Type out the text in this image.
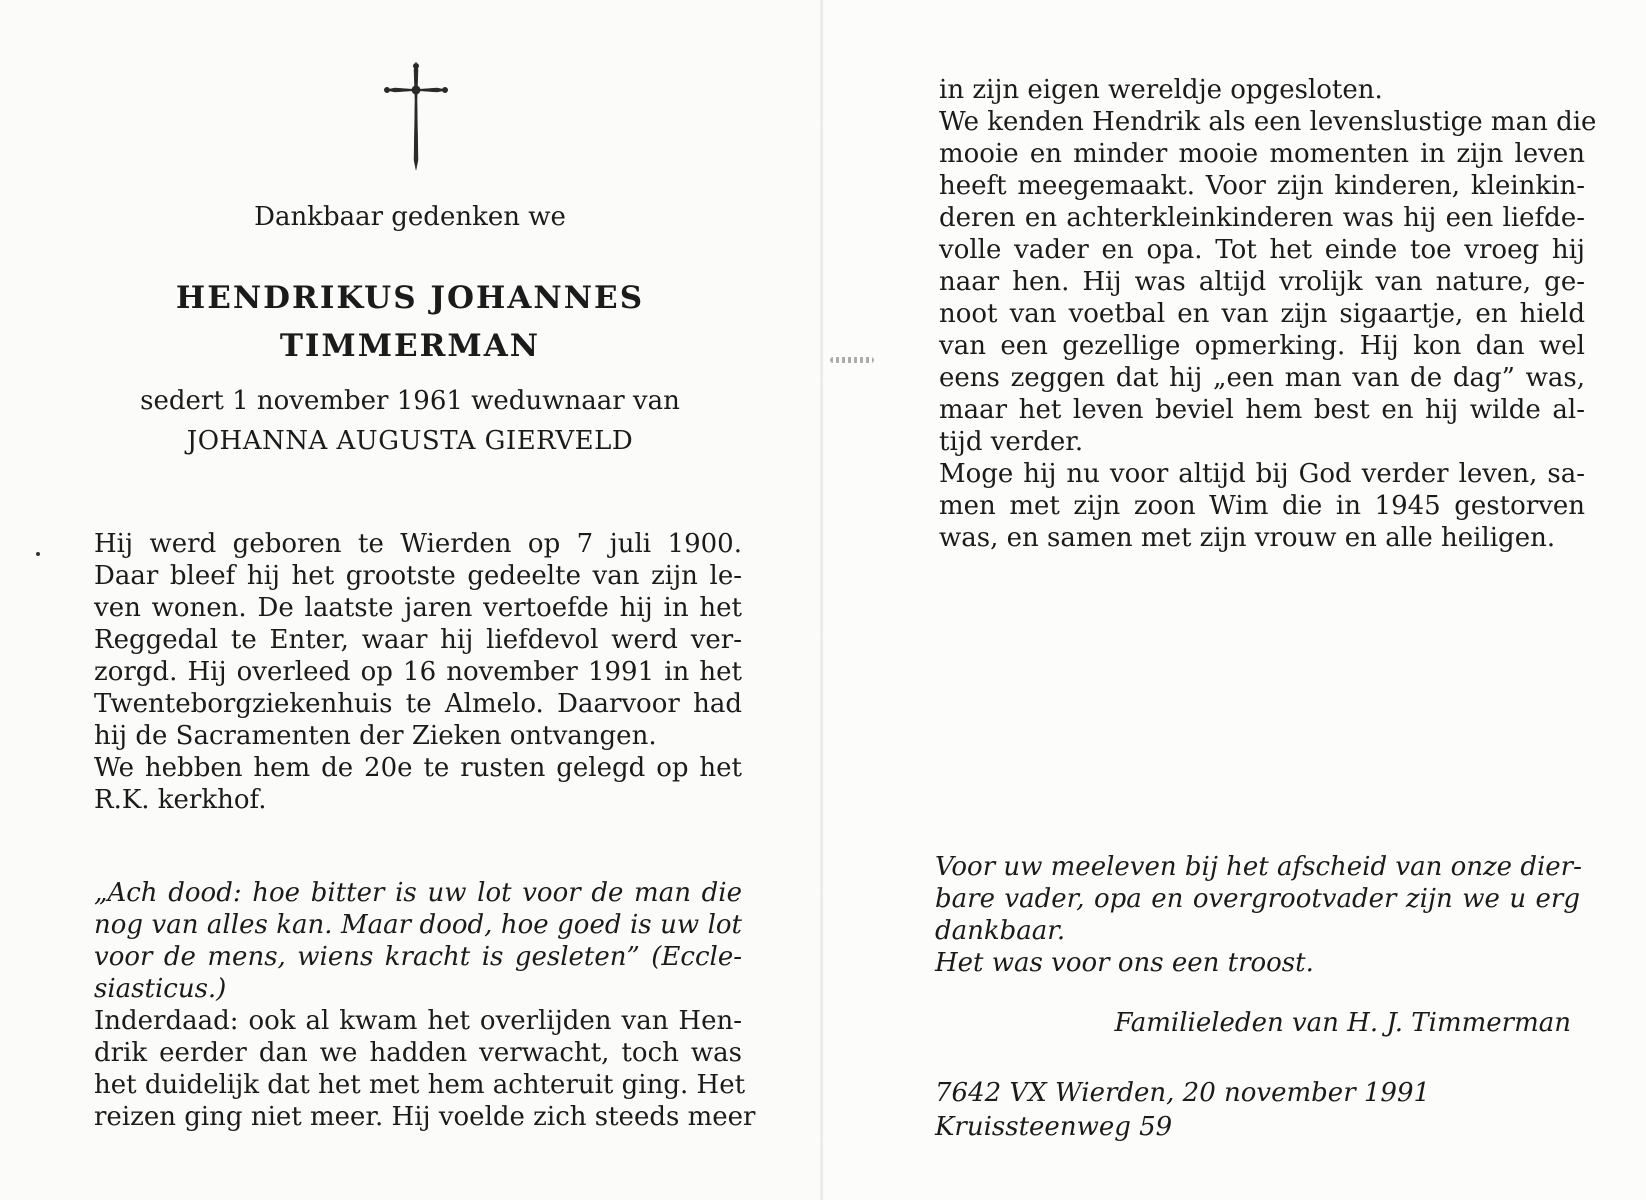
Dankbaar gedenken we

HENDRIKUS JOHANNES

TIMMERMAN

sedert 1 november 1961 weduwnaar van

JOHANNA AUGUSTA GIERVELD

Hij werd geboren te Wierden op 7 juli 1900.
Daar bleef hij het grootste gedeelte van zijn le-
ven wonen. De laatste jaren vertoefde hij in het
Reggedal te Enter, waar hij liefdevol werd ver-
zorgd. Hij overleed op 16 november 1991 in het
Twenteborgziekenhuis te Almelo. Daarvoor had
hij de Sacramenten der Zieken ontvangen.
We hebben hem de 20e te rusten gelegd op het
R.K. kerkhof.
„Ach dood: hoe bitter is uw lot voor de man die
nog van alles kan. Maar dood, hoe goed is uw lot
voor de mens, wiens kracht is gesleten” (Eccle-
siasticus.)
Inderdaad: ook al kwam het overlijden van Hen-
drik eerder dan we hadden verwacht, toch was
het duidelijk dat het met hem achteruit ging. Het
reizen ging niet meer. Hij voelde zich steeds meer
in zijn eigen wereldje opgesloten.
We kenden Hendrik als een levenslustige man die
mooie en minder mooie momenten in zijn leven
heeft meegemaakt. Voor zijn kinderen, kleinkin-
deren en achterkleinkinderen was hij een liefde-
volle vader en opa. Tot het einde toe vroeg hij
naar hen. Hij was altijd vrolijk van nature, ge-
noot van voetbal en van zijn sigaartje, en hield
van een gezellige opmerking. Hij kon dan wel
eens zeggen dat hij „een man van de dag” was,
maar het leven beviel hem best en hij wilde al-
tijd verder.
Moge hij nu voor altijd bij God verder leven, sa-
men met zijn zoon Wim die in 1945 gestorven
was, en samen met zijn vrouw en alle heiligen.
Voor uw meeleven bij het afscheid van onze dier-
bare vader, opa en overgrootvader zijn we u erg
dankbaar.
Het was voor ons een troost.

Familieleden van H. J. Timmerman

7642 VX Wierden, 20 november 1991
Kruissteenweg 59
